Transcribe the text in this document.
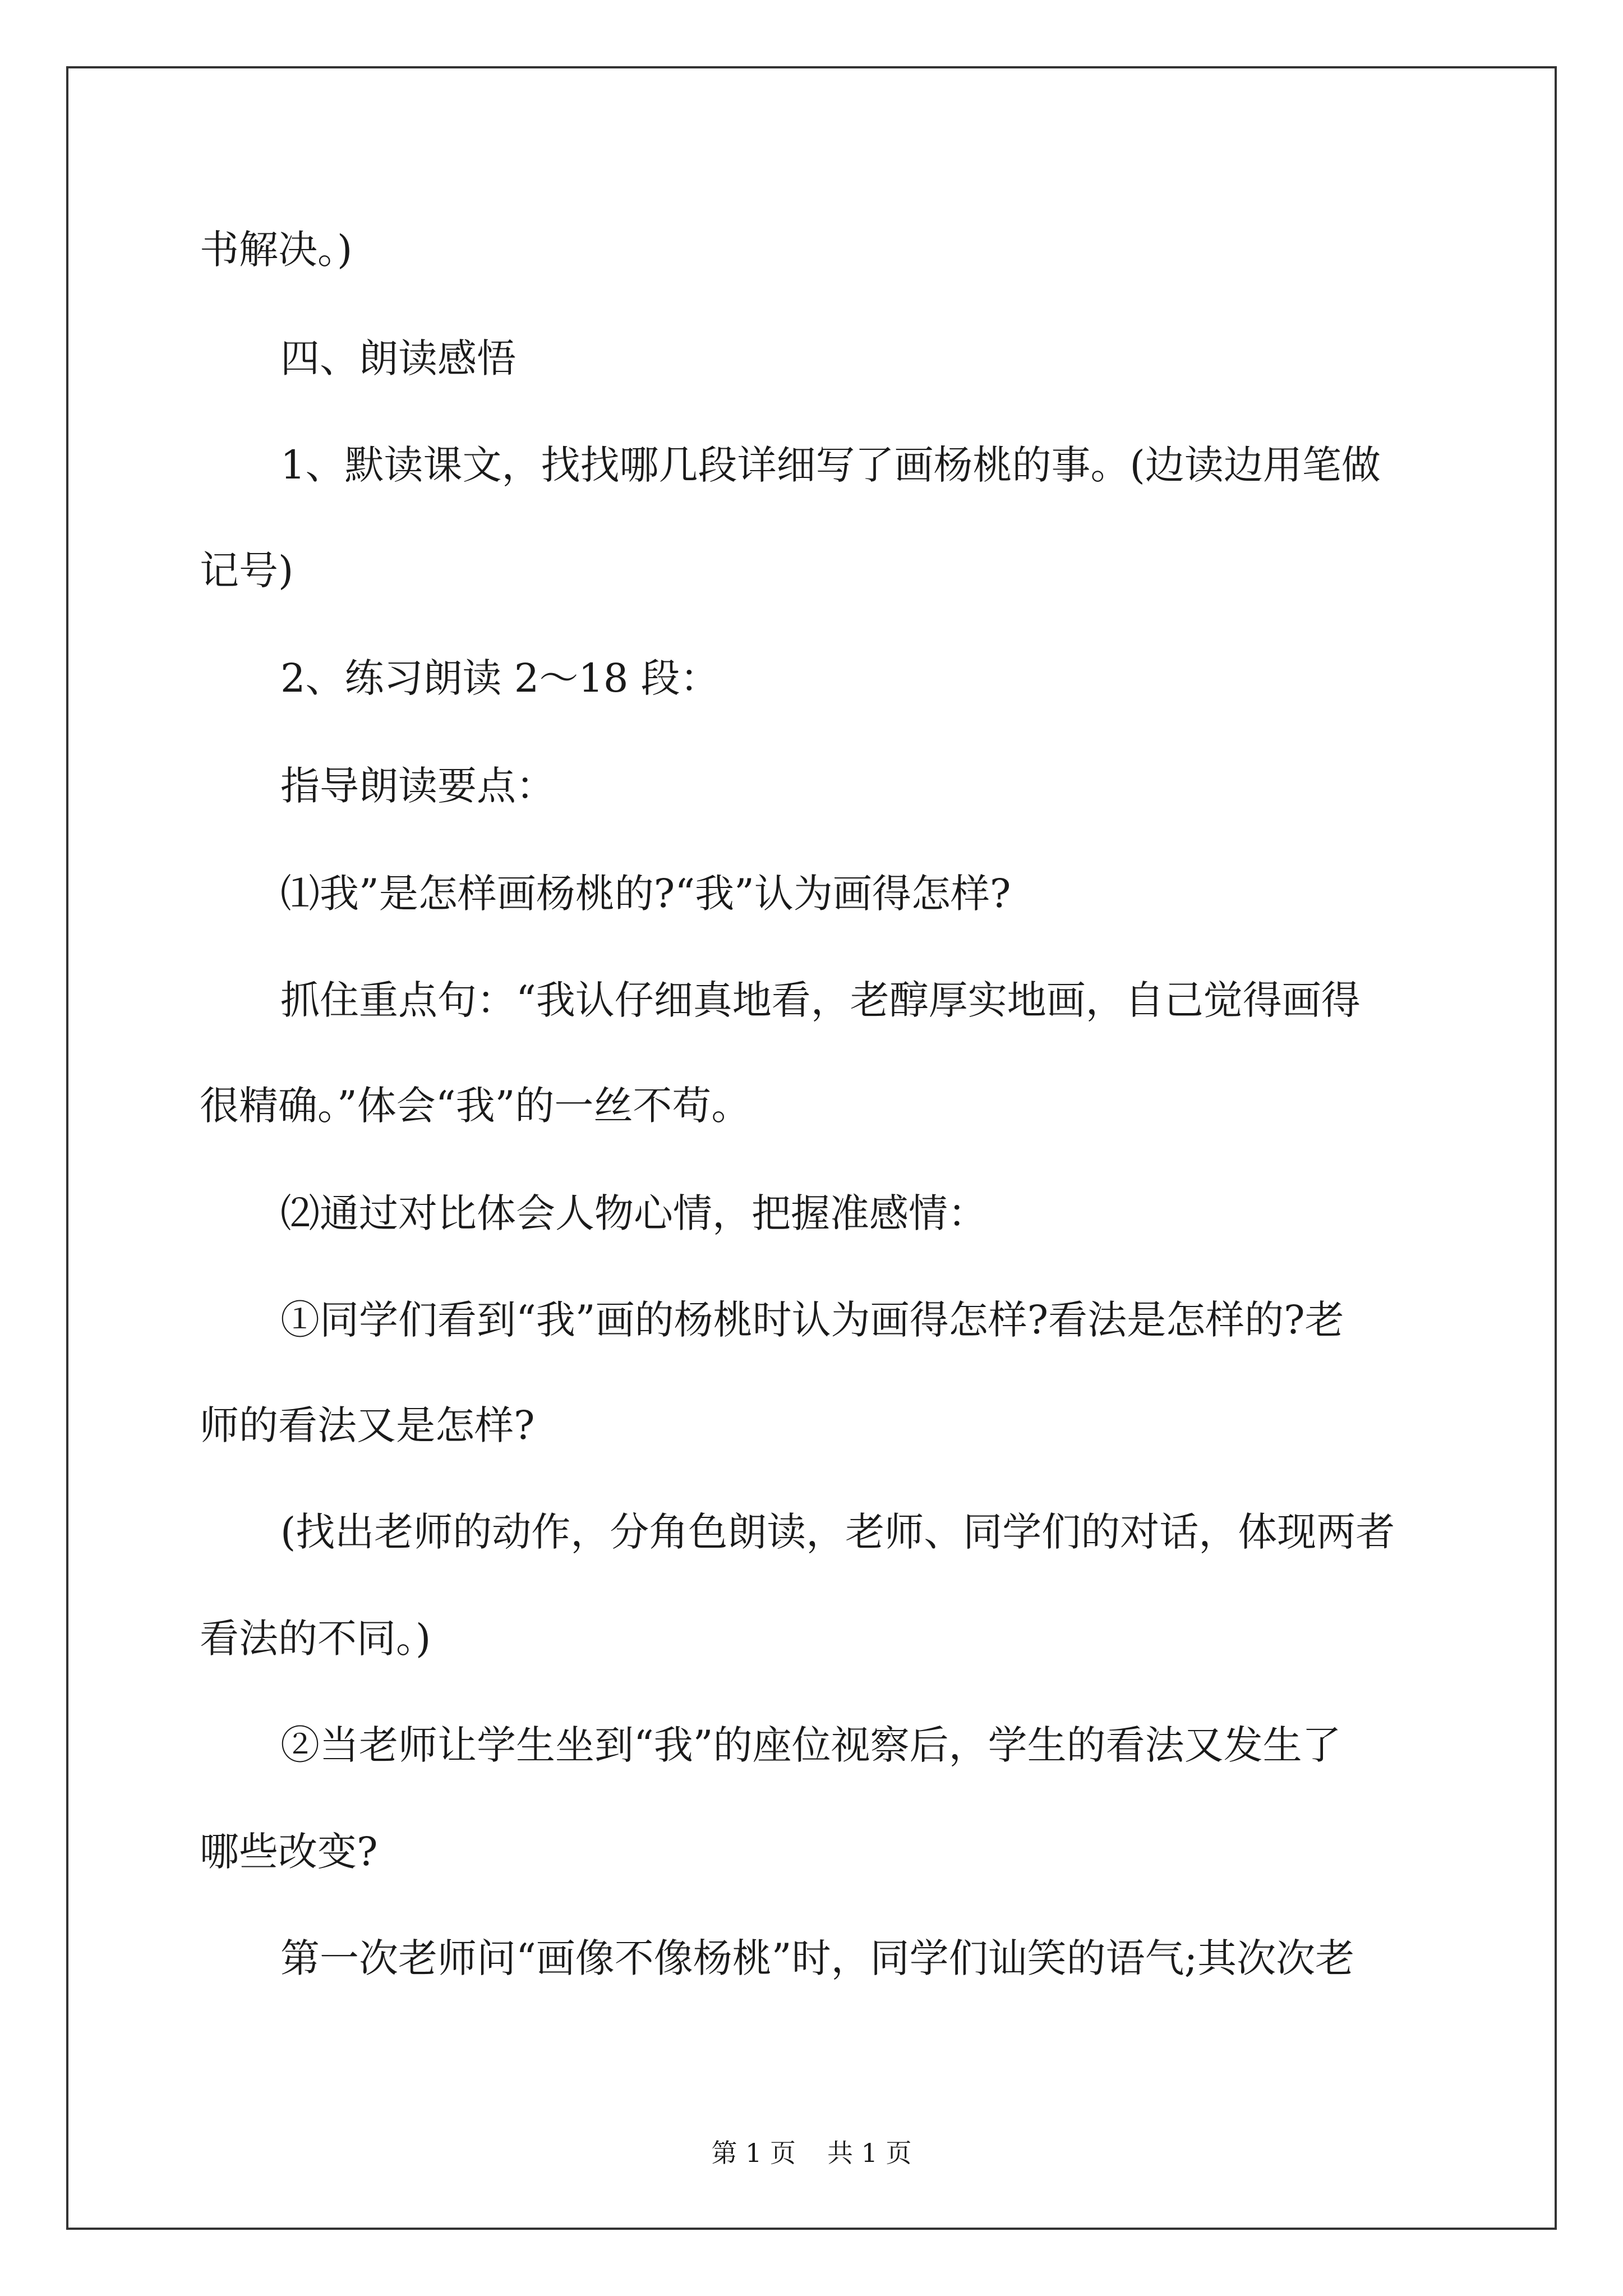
书解决。)
四、朗读感悟
1、默读课文，找找哪几段详细写了画杨桃的事。(边读边用笔做
记号)
2、练习朗读 2～18 段：
指导朗读要点：
⑴我”是怎样画杨桃的?“我”认为画得怎样?
抓住重点句：“我认仔细真地看，老醇厚实地画，自己觉得画得
很精确。”体会“我”的一丝不苟。
⑵通过对比体会人物心情，把握准感情：
①同学们看到“我”画的杨桃时认为画得怎样?看法是怎样的?老
师的看法又是怎样?
(找出老师的动作，分角色朗读，老师、同学们的对话，体现两者
看法的不同。)
②当老师让学生坐到“我”的座位视察后，学生的看法又发生了
哪些改变?
第一次老师问“画像不像杨桃”时，同学们讪笑的语气;其次次老
第 1 页 共 1 页
